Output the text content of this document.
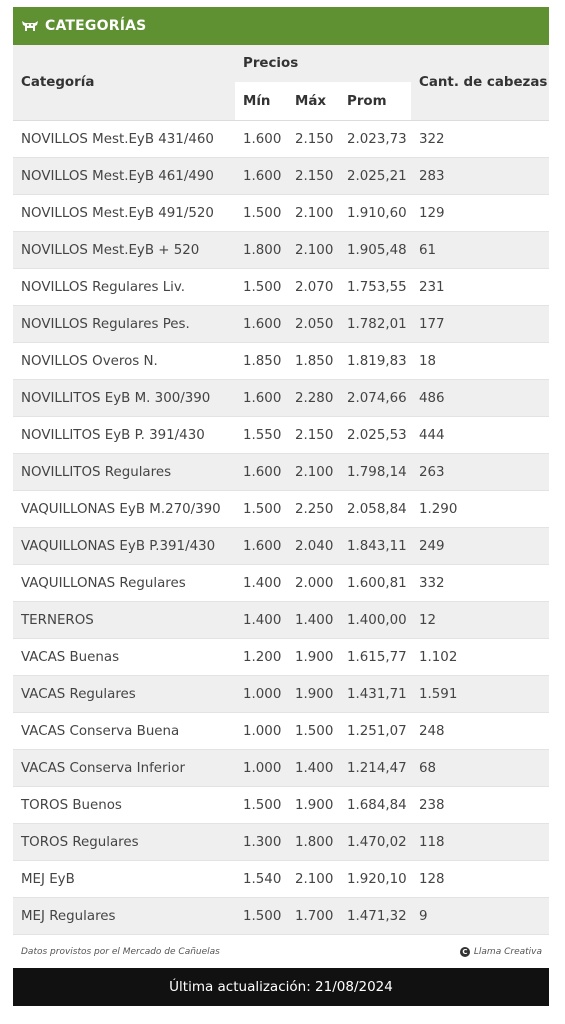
CATEGORÍAS
Categoría	Precios			Cant. de cabezas
	Mín	Máx	Prom	
NOVILLOS Mest.EyB 431/460	1.600	2.150	2.023,73	322
NOVILLOS Mest.EyB 461/490	1.600	2.150	2.025,21	283
NOVILLOS Mest.EyB 491/520	1.500	2.100	1.910,60	129
NOVILLOS Mest.EyB + 520	1.800	2.100	1.905,48	61
NOVILLOS Regulares Liv.	1.500	2.070	1.753,55	231
NOVILLOS Regulares Pes.	1.600	2.050	1.782,01	177
NOVILLOS Overos N.	1.850	1.850	1.819,83	18
NOVILLITOS EyB M. 300/390	1.600	2.280	2.074,66	486
NOVILLITOS EyB P. 391/430	1.550	2.150	2.025,53	444
NOVILLITOS Regulares	1.600	2.100	1.798,14	263
VAQUILLONAS EyB M.270/390	1.500	2.250	2.058,84	1.290
VAQUILLONAS EyB P.391/430	1.600	2.040	1.843,11	249
VAQUILLONAS Regulares	1.400	2.000	1.600,81	332
TERNEROS	1.400	1.400	1.400,00	12
VACAS Buenas	1.200	1.900	1.615,77	1.102
VACAS Regulares	1.000	1.900	1.431,71	1.591
VACAS Conserva Buena	1.000	1.500	1.251,07	248
VACAS Conserva Inferior	1.000	1.400	1.214,47	68
TOROS Buenos	1.500	1.900	1.684,84	238
TOROS Regulares	1.300	1.800	1.470,02	118
MEJ EyB	1.540	2.100	1.920,10	128
MEJ Regulares	1.500	1.700	1.471,32	9
Datos provistos por el Mercado de Cañuelas	C Llama Creativa
Última actualización: 21/08/2024
